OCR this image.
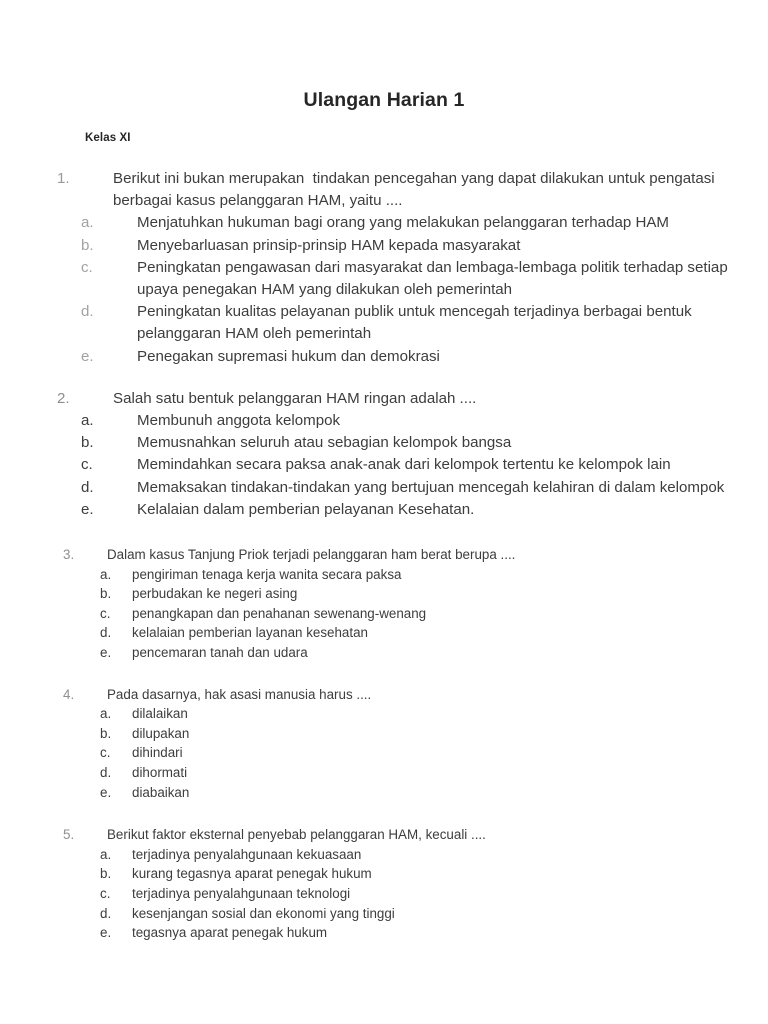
Ulangan Harian 1
Kelas XI
1.	Berikut ini bukan merupakan  tindakan pencegahan yang dapat dilakukan untuk pengatasi berbagai kasus pelanggaran HAM, yaitu ....
a.	Menjatuhkan hukuman bagi orang yang melakukan pelanggaran terhadap HAM
b.	Menyebarluasan prinsip-prinsip HAM kepada masyarakat
c.	Peningkatan pengawasan dari masyarakat dan lembaga-lembaga politik terhadap setiap upaya penegakan HAM yang dilakukan oleh pemerintah
d.	Peningkatan kualitas pelayanan publik untuk mencegah terjadinya berbagai bentuk pelanggaran HAM oleh pemerintah
e.	Penegakan supremasi hukum dan demokrasi
2.	Salah satu bentuk pelanggaran HAM ringan adalah ....
a.	Membunuh anggota kelompok
b.	Memusnahkan seluruh atau sebagian kelompok bangsa
c.	Memindahkan secara paksa anak-anak dari kelompok tertentu ke kelompok lain
d.	Memaksakan tindakan-tindakan yang bertujuan mencegah kelahiran di dalam kelompok
e.	Kelalaian dalam pemberian pelayanan Kesehatan.
3. Dalam kasus Tanjung Priok terjadi pelanggaran ham berat berupa ....
a. pengiriman tenaga kerja wanita secara paksa
b. perbudakan ke negeri asing
c. penangkapan dan penahanan sewenang-wenang
d. kelalaian pemberian layanan kesehatan
e. pencemaran tanah dan udara
4. Pada dasarnya, hak asasi manusia harus ....
a. dilalaikan
b. dilupakan
c. dihindari
d. dihormati
e. diabaikan
5. Berikut faktor eksternal penyebab pelanggaran HAM, kecuali ....
a. terjadinya penyalahgunaan kekuasaan
b. kurang tegasnya aparat penegak hukum
c. terjadinya penyalahgunaan teknologi
d. kesenjangan sosial dan ekonomi yang tinggi
e. tegasnya aparat penegak hukum
